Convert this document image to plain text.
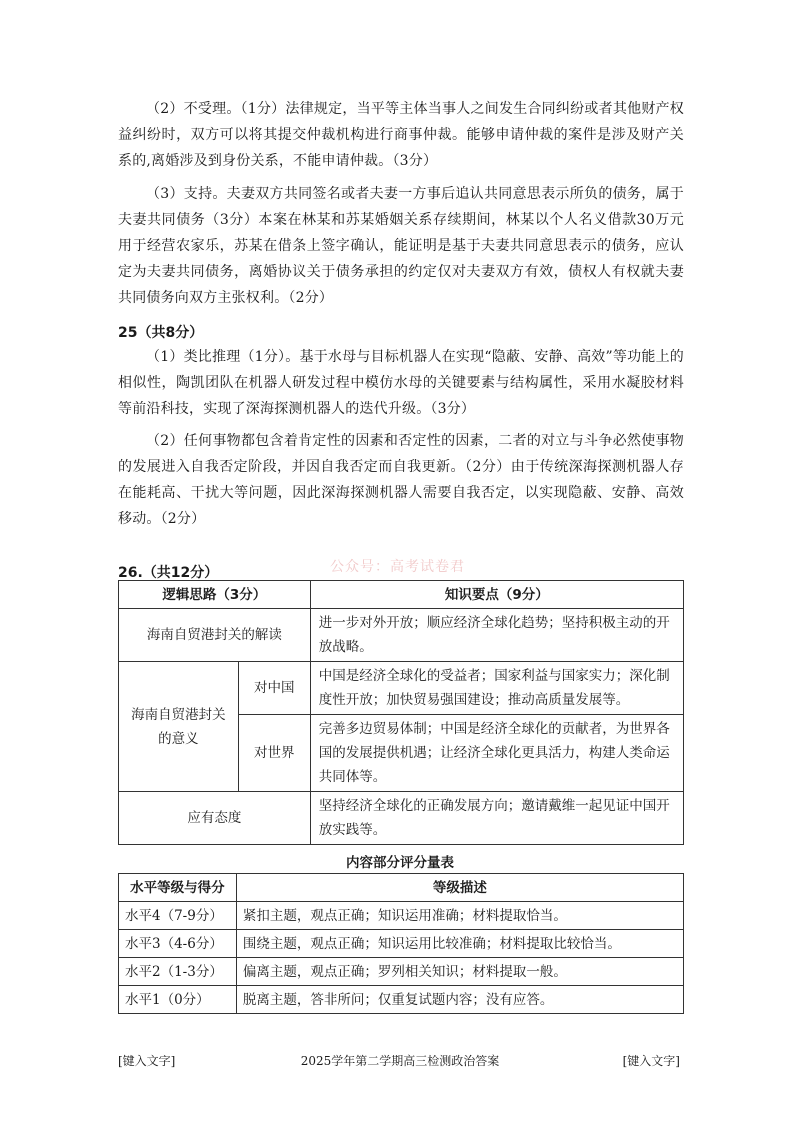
（2）不受理。（1分）法律规定，当平等主体当事人之间发生合同纠纷或者其他财产权益纠纷时，双方可以将其提交仲裁机构进行商事仲裁。能够申请仲裁的案件是涉及财产关系的,离婚涉及到身份关系，不能申请仲裁。（3分）

（3）支持。夫妻双方共同签名或者夫妻一方事后追认共同意思表示所负的债务，属于夫妻共同债务（3分）本案在林某和苏某婚姻关系存续期间，林某以个人名义借款30万元用于经营农家乐，苏某在借条上签字确认，能证明是基于夫妻共同意思表示的债务，应认定为夫妻共同债务，离婚协议关于债务承担的约定仅对夫妻双方有效，债权人有权就夫妻共同债务向双方主张权利。（2分）

25（共8分）

（1）类比推理（1分）。基于水母与目标机器人在实现“隐蔽、安静、高效”等功能上的相似性，陶凯团队在机器人研发过程中模仿水母的关键要素与结构属性，采用水凝胶材料等前沿科技，实现了深海探测机器人的迭代升级。（3分）

（2）任何事物都包含着肯定性的因素和否定性的因素，二者的对立与斗争必然使事物的发展进入自我否定阶段，并因自我否定而自我更新。（2分）由于传统深海探测机器人存在能耗高、干扰大等问题，因此深海探测机器人需要自我否定，以实现隐蔽、安静、高效移动。（2分）

26.（共12分）	公众号：高考试卷君
逻辑思路（3分）		知识要点（9分）
海南自贸港封关的解读		进一步对外开放；顺应经济全球化趋势；坚持积极主动的开放战略。
海南自贸港封关的意义	对中国	中国是经济全球化的受益者；国家利益与国家实力；深化制度性开放；加快贸易强国建设；推动高质量发展等。
	对世界	完善多边贸易体制；中国是经济全球化的贡献者，为世界各国的发展提供机遇；让经济全球化更具活力，构建人类命运共同体等。
应有态度		坚持经济全球化的正确发展方向；邀请戴维一起见证中国开放实践等。
内容部分评分量表
水平等级与得分	等级描述
水平4（7-9分）	紧扣主题，观点正确；知识运用准确；材料提取恰当。
水平3（4-6分）	围绕主题，观点正确；知识运用比较准确；材料提取比较恰当。
水平2（1-3分）	偏离主题，观点正确；罗列相关知识；材料提取一般。
水平1（0分）	脱离主题，答非所问；仅重复试题内容；没有应答。
[键入文字]	2025学年第二学期高三检测政治答案	[键入文字]
